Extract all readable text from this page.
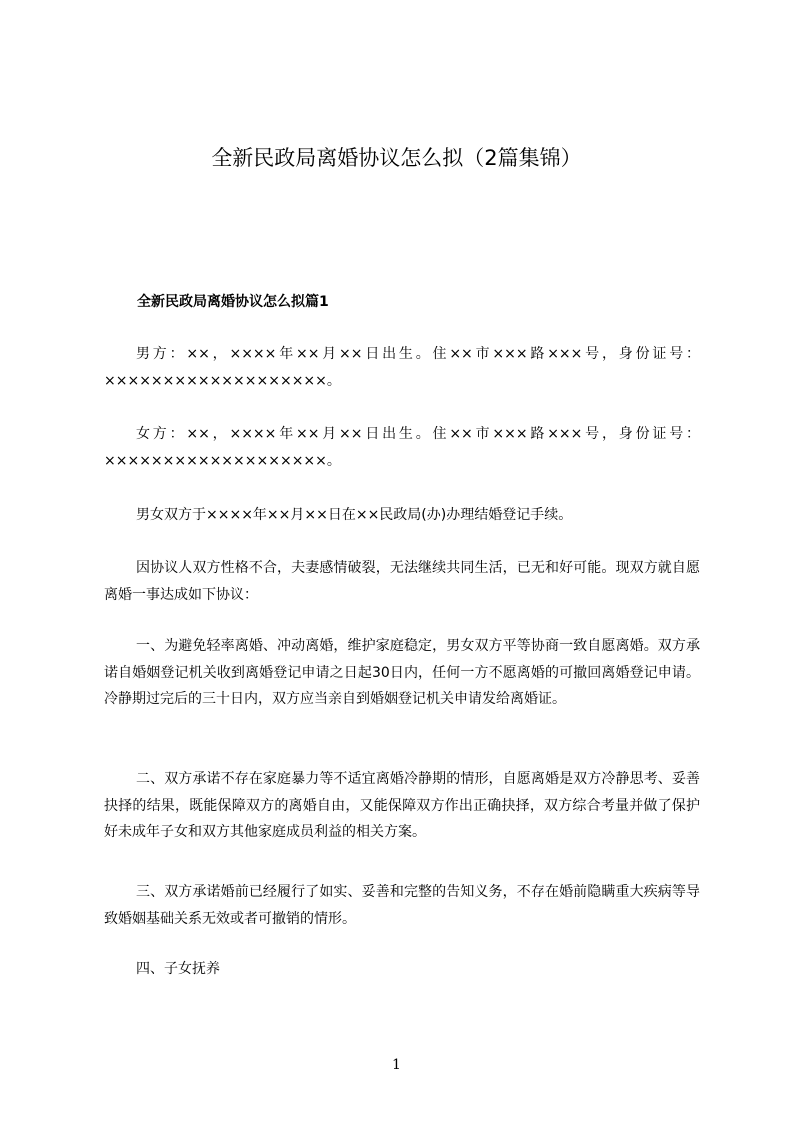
全新民政局离婚协议怎么拟（2篇集锦）
全新民政局离婚协议怎么拟篇1

男方：××，××××年××月××日出生。住××市×××路×××号，身份证号：×××××××××××××××××××。

女方：××，××××年××月××日出生。住××市×××路×××号，身份证号：×××××××××××××××××××。

男女双方于××××年××月××日在××民政局(办)办理结婚登记手续。

因协议人双方性格不合，夫妻感情破裂，无法继续共同生活，已无和好可能。现双方就自愿离婚一事达成如下协议：

一、为避免轻率离婚、冲动离婚，维护家庭稳定，男女双方平等协商一致自愿离婚。双方承诺自婚姻登记机关收到离婚登记申请之日起30日内，任何一方不愿离婚的可撤回离婚登记申请。冷静期过完后的三十日内，双方应当亲自到婚姻登记机关申请发给离婚证。

二、双方承诺不存在家庭暴力等不适宜离婚冷静期的情形，自愿离婚是双方冷静思考、妥善抉择的结果，既能保障双方的离婚自由，又能保障双方作出正确抉择，双方综合考量并做了保护好未成年子女和双方其他家庭成员利益的相关方案。

三、双方承诺婚前已经履行了如实、妥善和完整的告知义务，不存在婚前隐瞒重大疾病等导致婚姻基础关系无效或者可撤销的情形。

四、子女抚养

1
